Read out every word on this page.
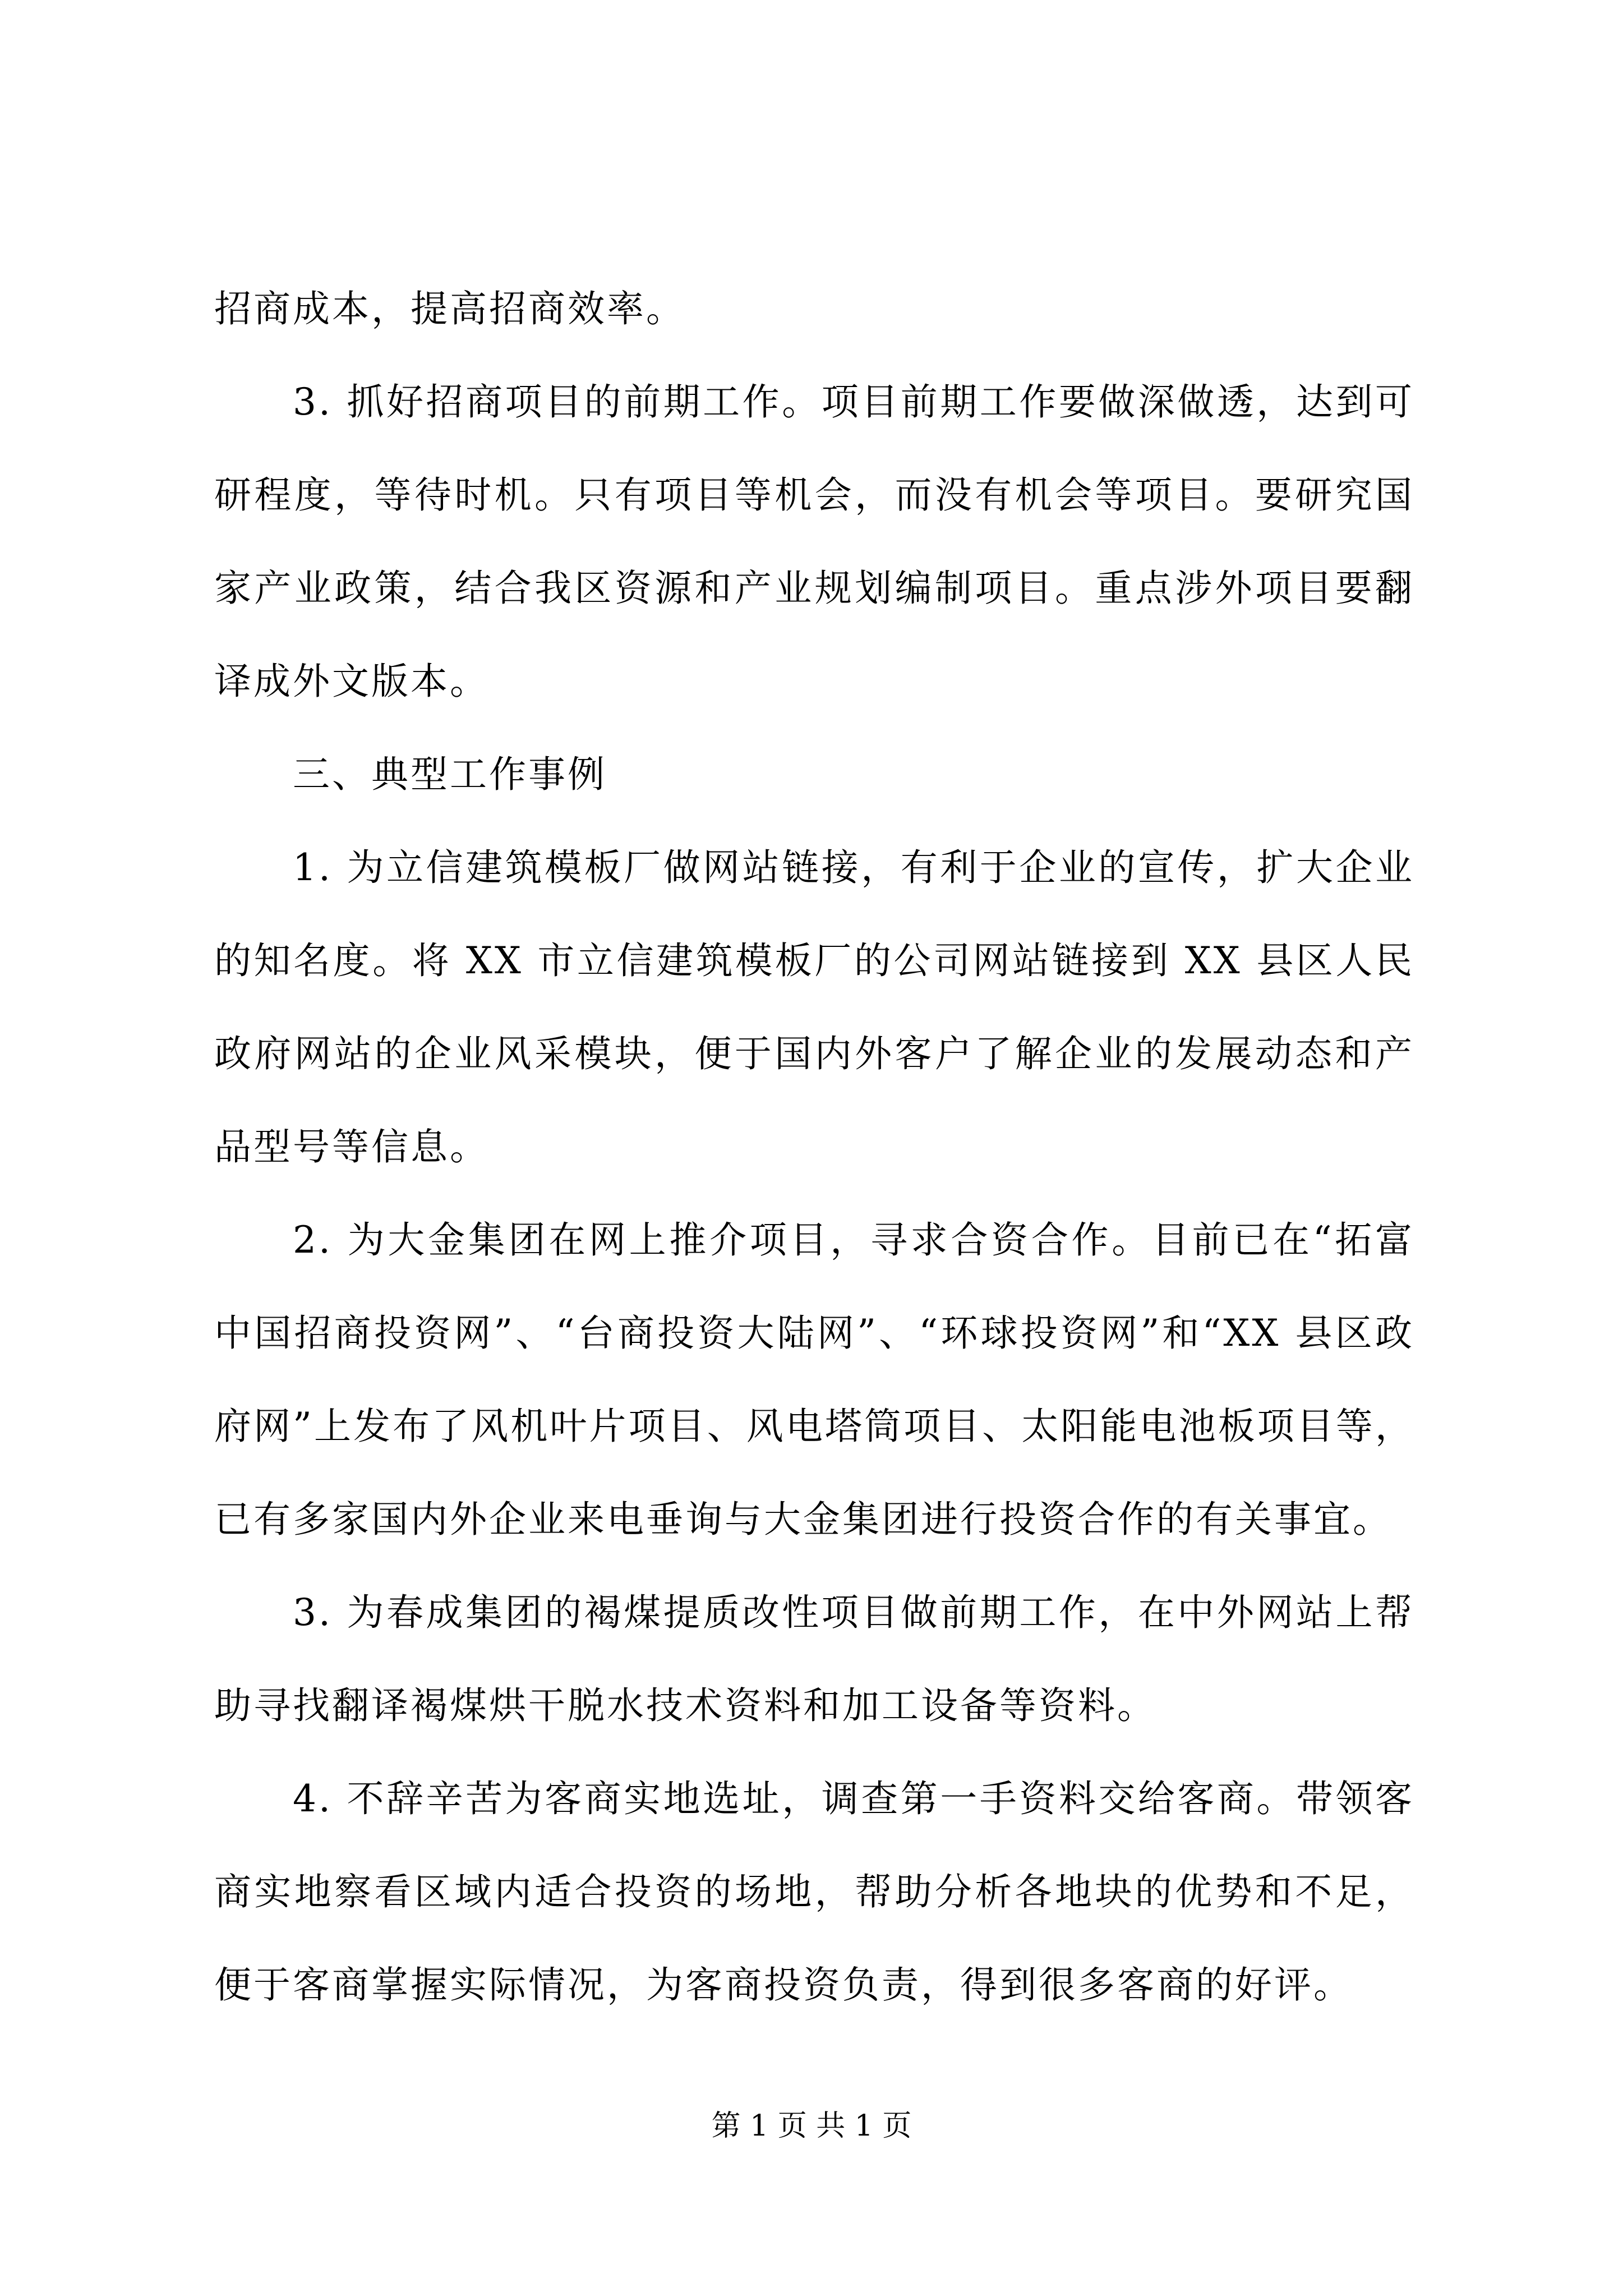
招商成本，提高招商效率。

3. 抓好招商项目的前期工作。项目前期工作要做深做透，达到可研程度，等待时机。只有项目等机会，而没有机会等项目。要研究国家产业政策，结合我区资源和产业规划编制项目。重点涉外项目要翻译成外文版本。

三、典型工作事例

1. 为立信建筑模板厂做网站链接，有利于企业的宣传，扩大企业的知名度。将 XX 市立信建筑模板厂的公司网站链接到 XX 县区人民政府网站的企业风采模块，便于国内外客户了解企业的发展动态和产品型号等信息。

2. 为大金集团在网上推介项目，寻求合资合作。目前已在“拓富中国招商投资网”、“台商投资大陆网”、“环球投资网”和“XX 县区政府网”上发布了风机叶片项目、风电塔筒项目、太阳能电池板项目等，已有多家国内外企业来电垂询与大金集团进行投资合作的有关事宜。

3. 为春成集团的褐煤提质改性项目做前期工作，在中外网站上帮助寻找翻译褐煤烘干脱水技术资料和加工设备等资料。

4. 不辞辛苦为客商实地选址，调查第一手资料交给客商。带领客商实地察看区域内适合投资的场地，帮助分析各地块的优势和不足，便于客商掌握实际情况，为客商投资负责，得到很多客商的好评。

第 1 页 共 1 页
